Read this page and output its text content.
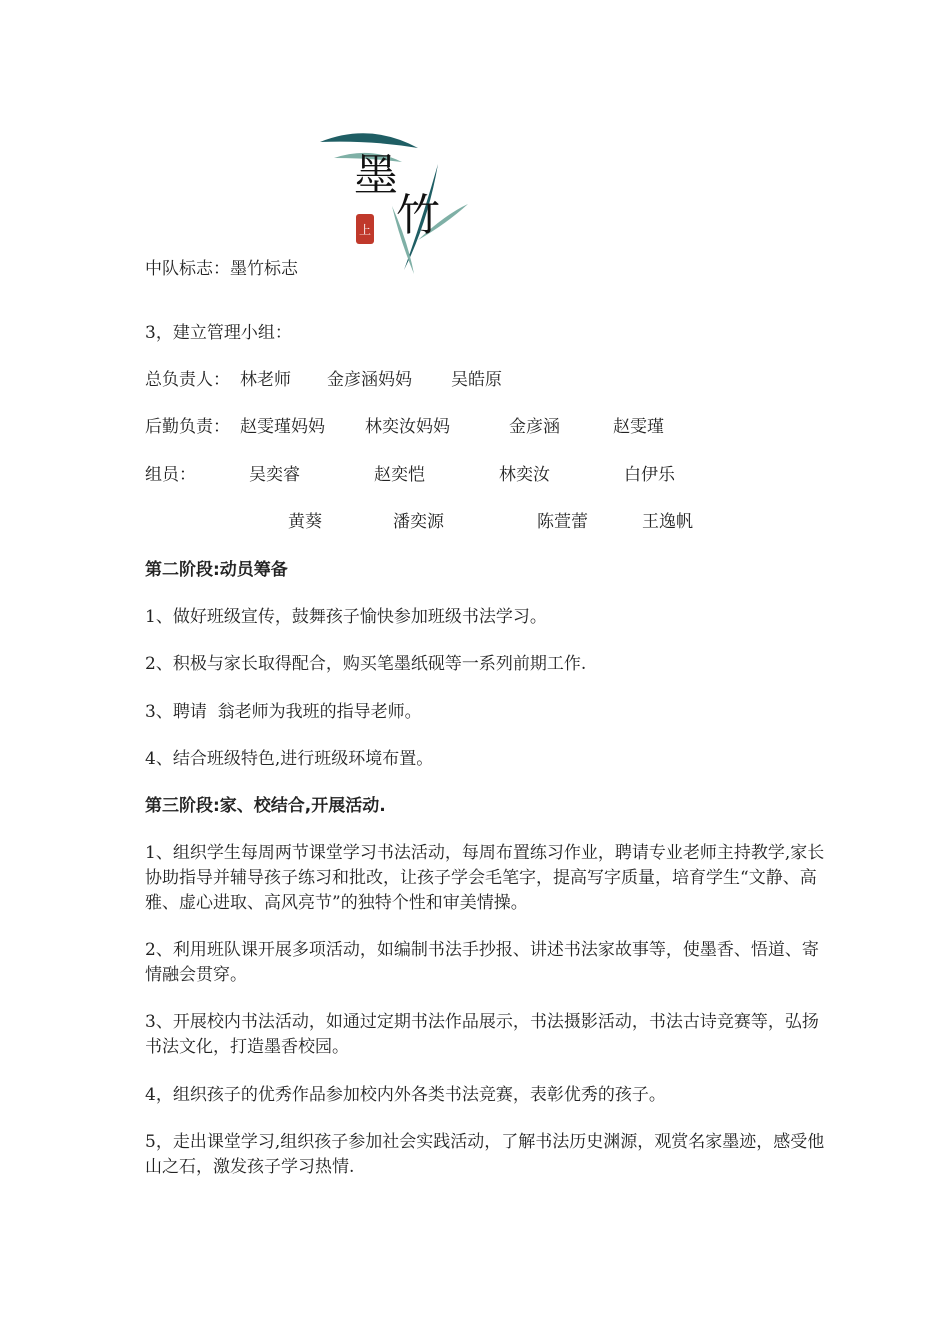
墨
竹
上
中队标志：墨竹标志
3，建立管理小组：
总负责人： 林老师 金彦涵妈妈 吴皓原
后勤负责： 赵雯瑾妈妈 林奕汝妈妈	金彦涵	赵雯瑾
组员：	吴奕睿	赵奕恺	林奕汝	白伊乐
黄葵	潘奕源	陈萱蕾	王逸帆
第二阶段:动员筹备
1、做好班级宣传，鼓舞孩子愉快参加班级书法学习。
2、积极与家长取得配合，购买笔墨纸砚等一系列前期工作.
3、聘请  翁老师为我班的指导老师。
4、结合班级特色,进行班级环境布置。
第三阶段:家、校结合,开展活动.
1、组织学生每周两节课堂学习书法活动，每周布置练习作业，聘请专业老师主持教学,家长协助指导并辅导孩子练习和批改，让孩子学会毛笔字，提高写字质量，培育学生“文静、高雅、虚心进取、高风亮节”的独特个性和审美情操。
2、利用班队课开展多项活动，如编制书法手抄报、讲述书法家故事等，使墨香、悟道、寄情融会贯穿。
3、开展校内书法活动，如通过定期书法作品展示，书法摄影活动，书法古诗竞赛等，弘扬书法文化，打造墨香校园。
4，组织孩子的优秀作品参加校内外各类书法竞赛，表彰优秀的孩子。
5，走出课堂学习,组织孩子参加社会实践活动，了解书法历史渊源，观赏名家墨迹，感受他山之石，激发孩子学习热情.
